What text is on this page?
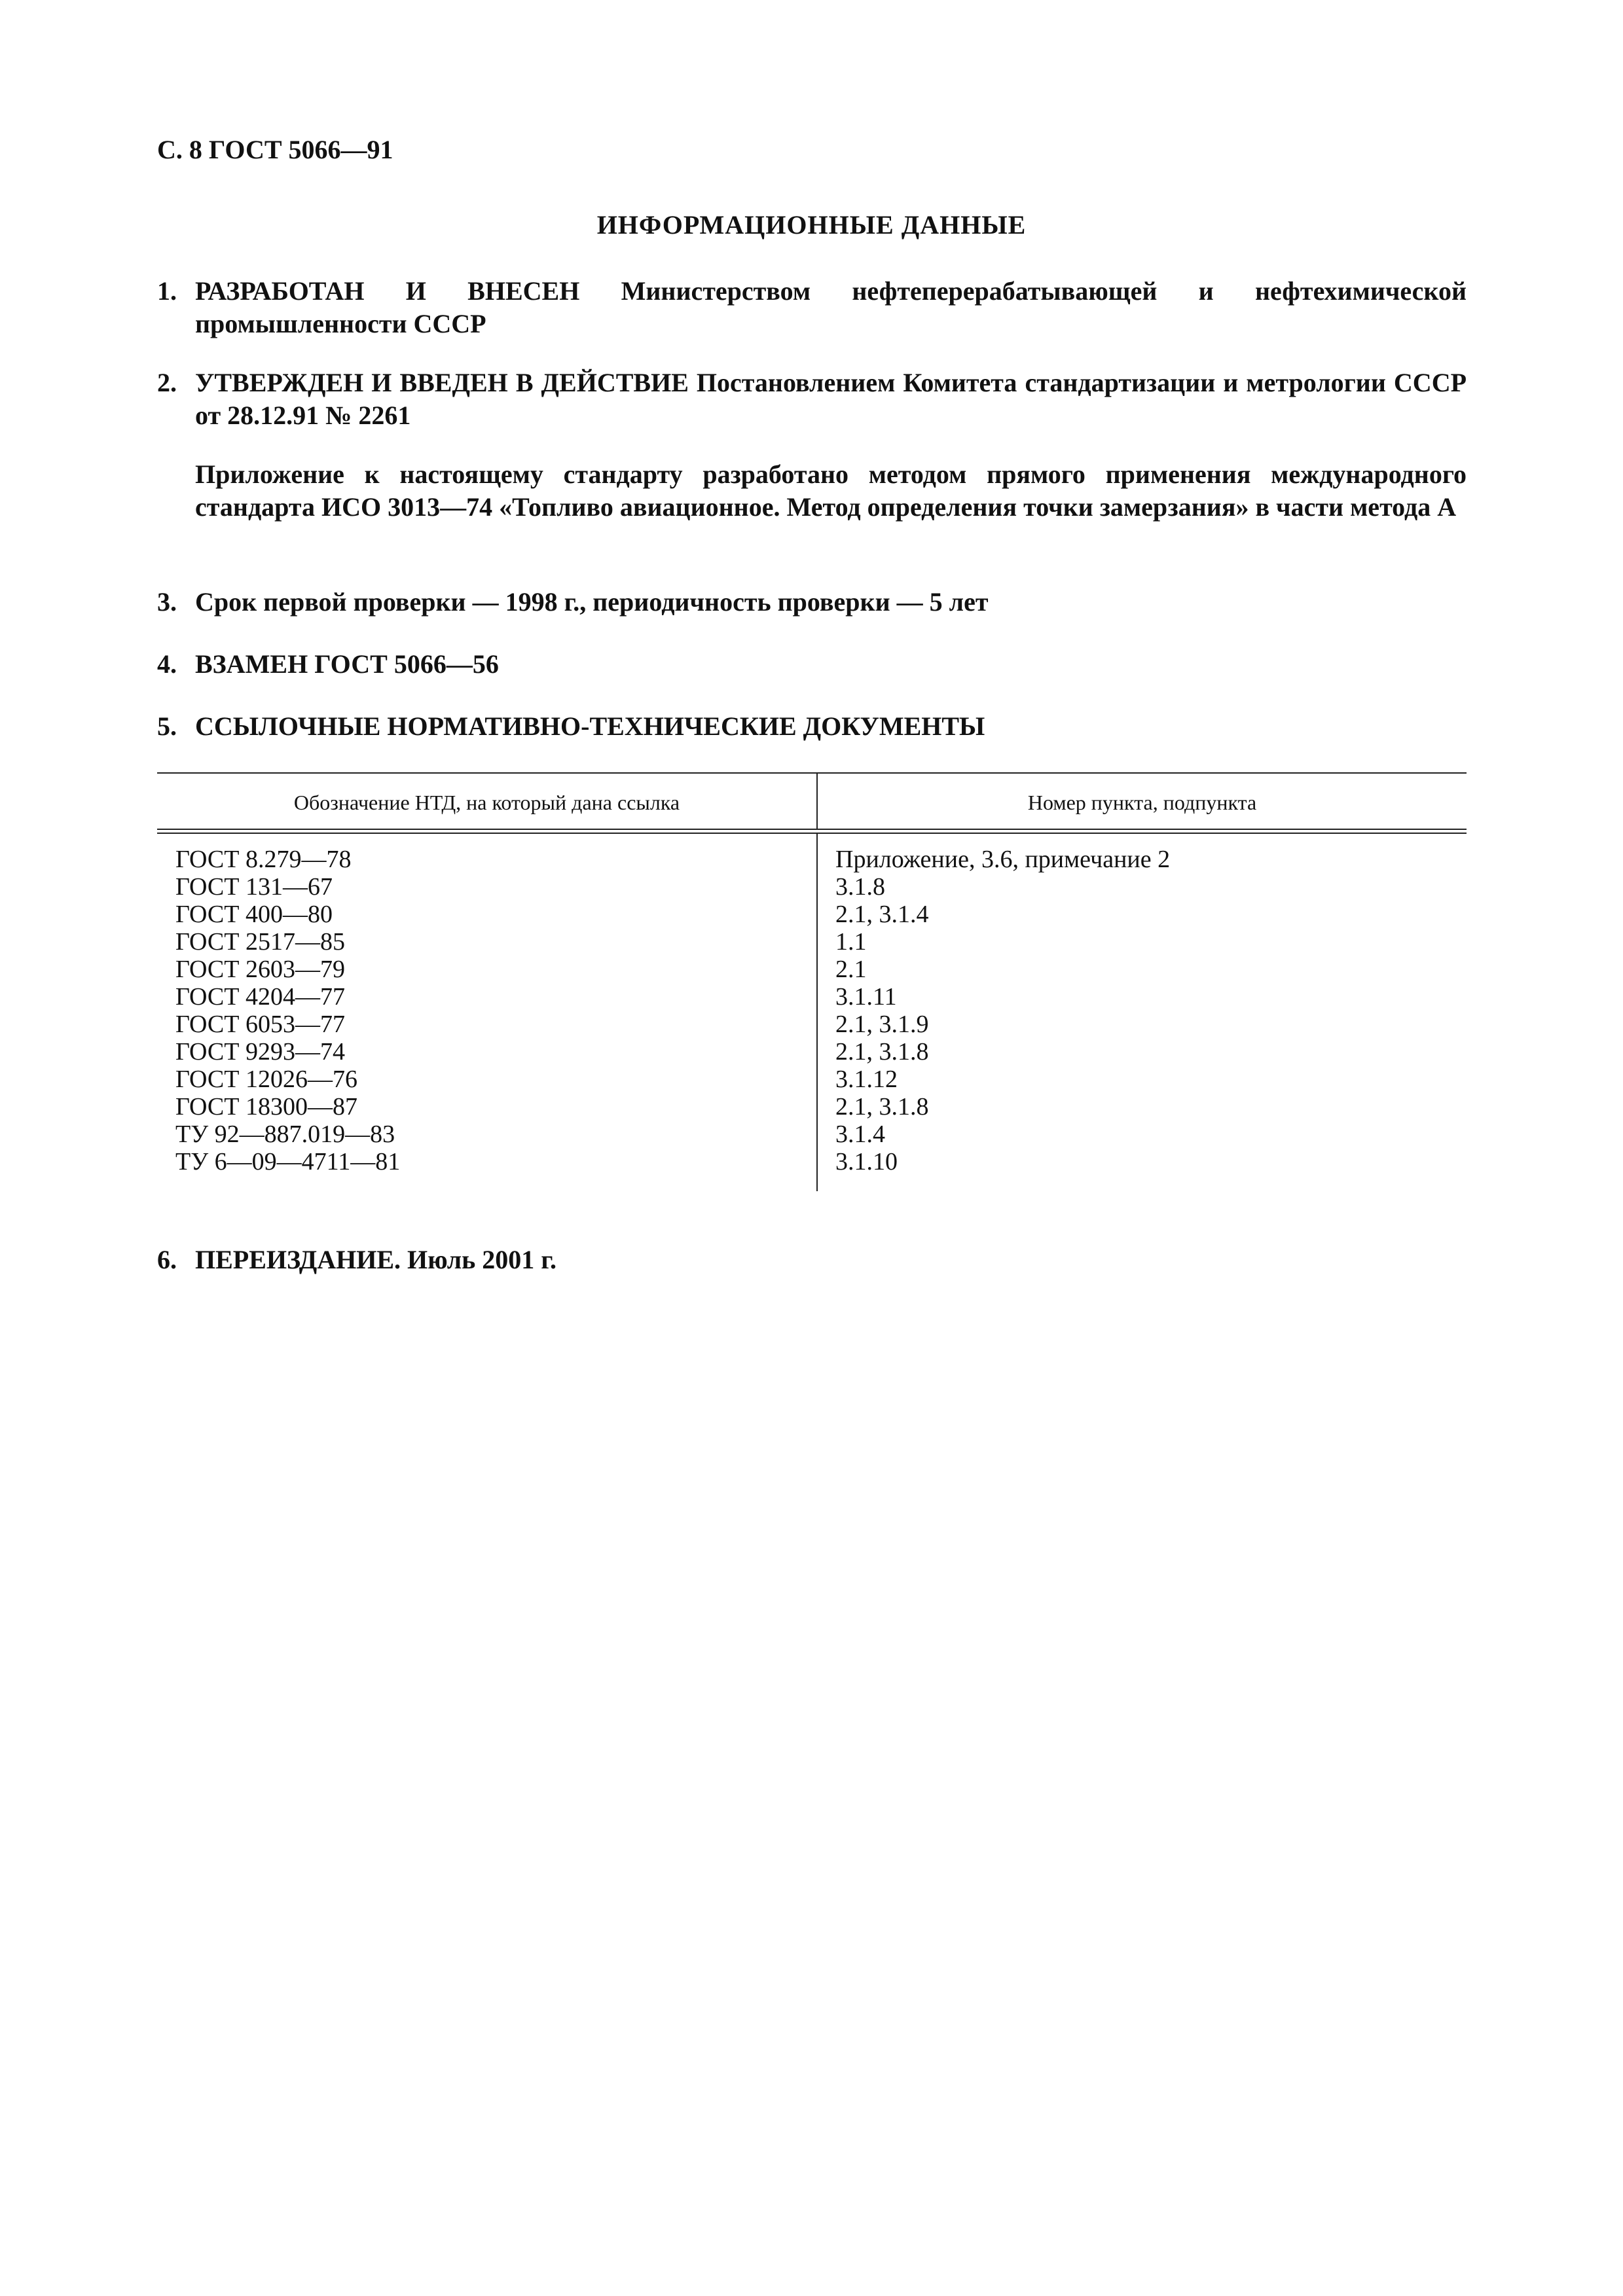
С. 8 ГОСТ 5066—91
ИНФОРМАЦИОННЫЕ ДАННЫЕ
1. РАЗРАБОТАН И ВНЕСЕН Министерством нефтеперерабатывающей и нефтехимической промышленности СССР
2. УТВЕРЖДЕН И ВВЕДЕН В ДЕЙСТВИЕ Постановлением Комитета стандартизации и метрологии СССР от 28.12.91 № 2261
Приложение к настоящему стандарту разработано методом прямого применения международного стандарта ИСО 3013—74 «Топливо авиационное. Метод определения точки замерзания» в части метода А
3. Срок первой проверки — 1998 г., периодичность проверки — 5 лет
4. ВЗАМЕН ГОСТ 5066—56
5. ССЫЛОЧНЫЕ НОРМАТИВНО-ТЕХНИЧЕСКИЕ ДОКУМЕНТЫ
Обозначение НТД, на который дана ссылка	Номер пункта, подпункта
ГОСТ 8.279—78	Приложение, 3.6, примечание 2
ГОСТ 131—67	3.1.8
ГОСТ 400—80	2.1, 3.1.4
ГОСТ 2517—85	1.1
ГОСТ 2603—79	2.1
ГОСТ 4204—77	3.1.11
ГОСТ 6053—77	2.1, 3.1.9
ГОСТ 9293—74	2.1, 3.1.8
ГОСТ 12026—76	3.1.12
ГОСТ 18300—87	2.1, 3.1.8
ТУ 92—887.019—83	3.1.4
ТУ 6—09—4711—81	3.1.10
6. ПЕРЕИЗДАНИЕ. Июль 2001 г.
